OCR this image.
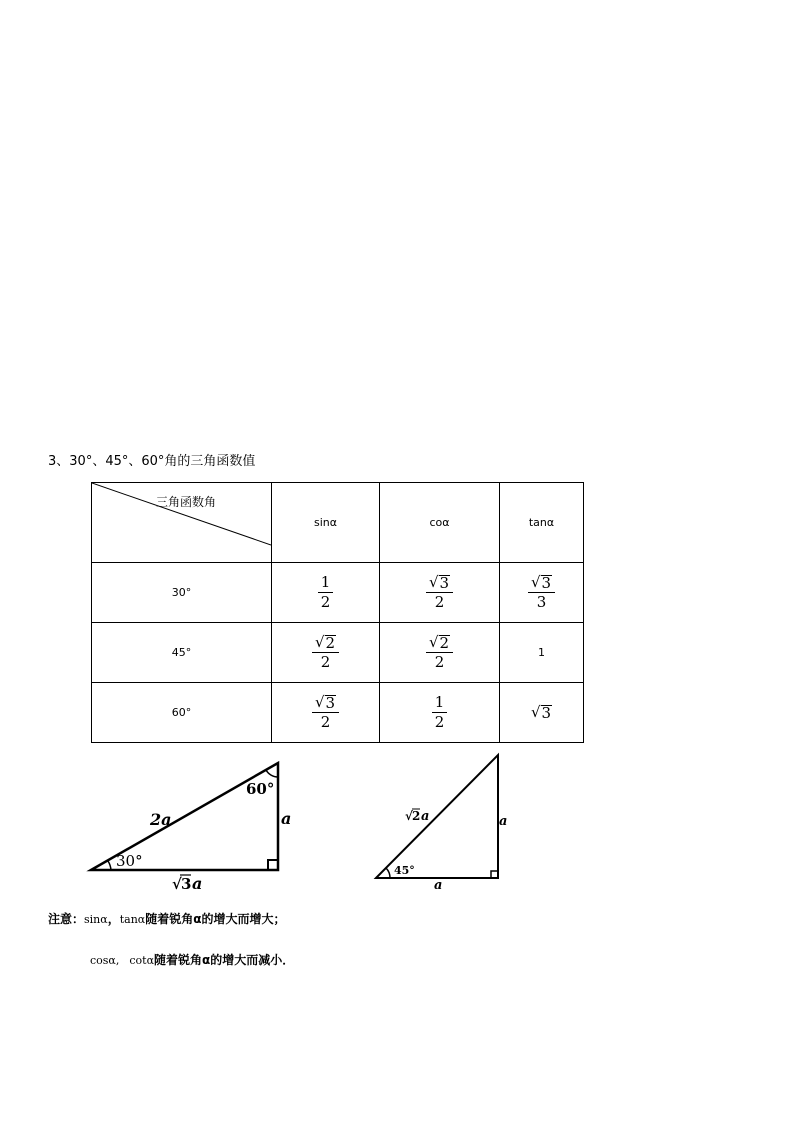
3、30°、45°、60°角的三角函数值
三角函数角	sinα	coα	tanα
30°	$\frac{1}{2}$	$\frac{√ 3}{2}$	$\frac{√ 3}{3}$

45°	$\frac{√ 2}{2}$	$\frac{√ 2}{2}$	1
60°	$\frac{√ 3}{2}$	$\frac{1}{2}$	√ 3
60°
30°
2a	a
√ 3 a
45°
√ 2 a	a
a
注意：sinα，tanα随着锐角α的增大而增大；
cosα, cotα随着锐角α的增大而减小．
